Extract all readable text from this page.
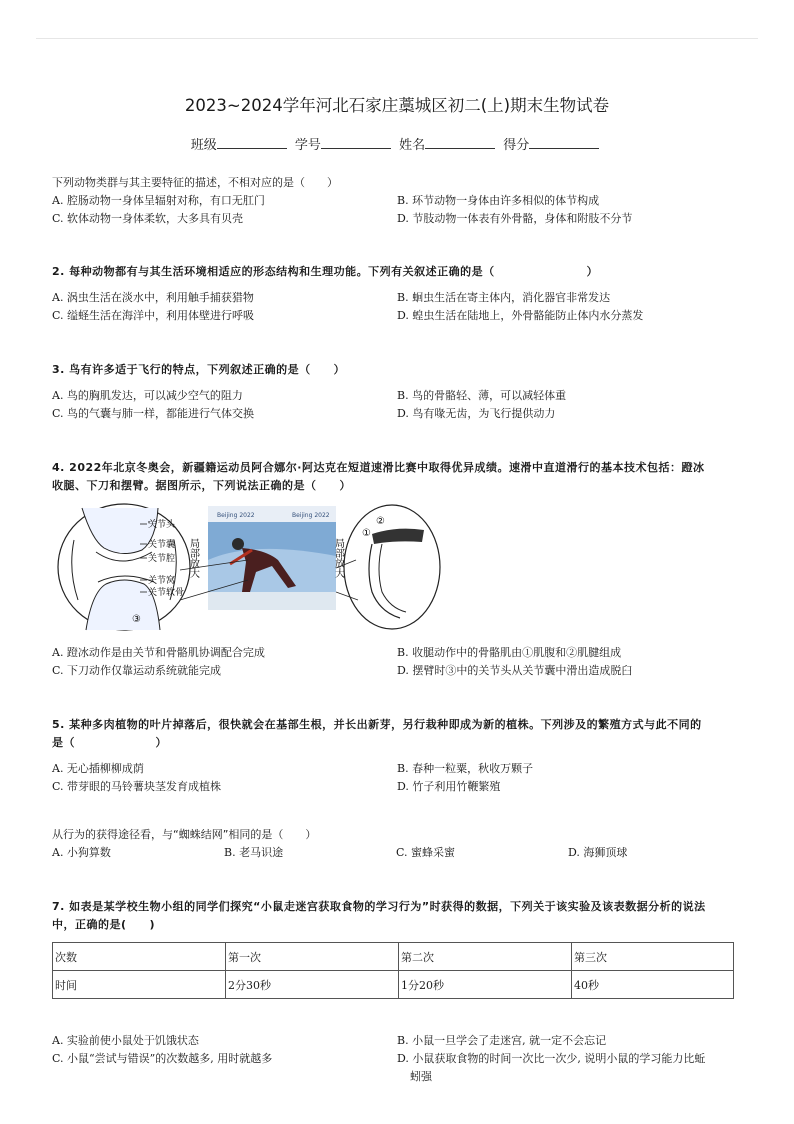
2023~2024学年河北石家庄藁城区初二(上)期末生物试卷
班级	学号	姓名	得分
下列动物类群与其主要特征的描述，不相对应的是（　　）
A. 腔肠动物一身体呈辐射对称，有口无肛门	B. 环节动物一身体由许多相似的体节构成
C. 软体动物一身体柔软，大多具有贝壳	D. 节肢动物一体表有外骨骼，身体和附肢不分节
2. 每种动物都有与其生活环境相适应的形态结构和生理功能。下列有关叙述正确的是（　　　　　　　　）
A. 涡虫生活在淡水中，利用触手捕获猎物	B. 蛔虫生活在寄主体内，消化器官非常发达
C. 缢蛏生活在海洋中，利用体壁进行呼吸	D. 蝗虫生活在陆地上，外骨骼能防止体内水分蒸发
3. 鸟有许多适于飞行的特点，下列叙述正确的是（　　）
A. 鸟的胸肌发达，可以减少空气的阻力	B. 鸟的骨骼轻、薄，可以减轻体重
C. 鸟的气囊与肺一样，都能进行气体交换	D. 鸟有喙无齿，为飞行提供动力
4. 2022年北京冬奥会，新疆籍运动员阿合娜尔·阿达克在短道速滑比赛中取得优异成绩。速滑中直道滑行的基本技术包括：蹬冰
收腿、下刀和摆臂。据图所示，下列说法正确的是（　　）
关节头
关节囊
关节腔
关节窝
关节软骨
③
局部放大
Beijing 2022	Beijing 2022
局部放大
①
②
A. 蹬冰动作是由关节和骨骼肌协调配合完成	B. 收腿动作中的骨骼肌由①肌腹和②肌腱组成
C. 下刀动作仅靠运动系统就能完成	D. 摆臂时③中的关节头从关节囊中滑出造成脱臼
5. 某种多肉植物的叶片掉落后，很快就会在基部生根，并长出新芽，另行栽种即成为新的植株。下列涉及的繁殖方式与此不同的
是（　　　　　　　）
A. 无心插柳柳成荫	B. 春种一粒粟，秋收万颗子
C. 带芽眼的马铃薯块茎发育成植株	D. 竹子利用竹鞭繁殖
从行为的获得途径看，与“蜘蛛结网”相同的是（　　）
A. 小狗算数	B. 老马识途	C. 蜜蜂采蜜	D. 海狮顶球
7. 如表是某学校生物小组的同学们探究“小鼠走迷宫获取食物的学习行为”时获得的数据，下列关于该实验及该表数据分析的说法
中，正确的是(　　)
次数	第一次	第二次	第三次
时间	2分30秒	1分20秒	40秒
A. 实验前使小鼠处于饥饿状态	B. 小鼠一旦学会了走迷宫, 就一定不会忘记
C. 小鼠“尝试与错误”的次数越多, 用时就越多	D. 小鼠获取食物的时间一次比一次少, 说明小鼠的学习能力比蚯
蚓强
